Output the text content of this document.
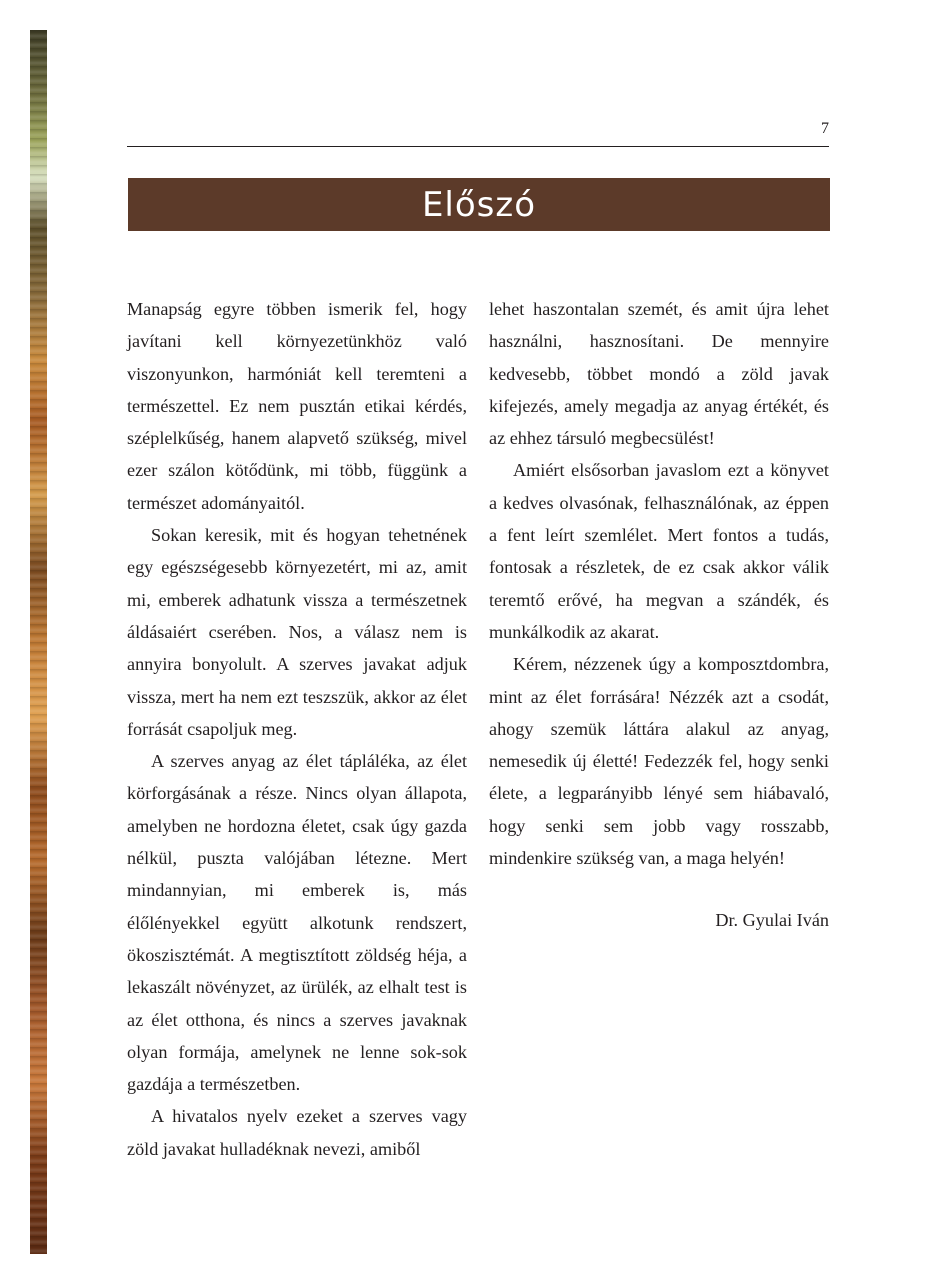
7
Előszó

Manapság egyre többen ismerik fel, hogy javítani kell környezetünkhöz való viszonyunkon, harmóniát kell teremteni a természettel. Ez nem pusztán etikai kérdés, széplelkűség, hanem alapvető szükség, mivel ezer szálon kötődünk, mi több, függünk a természet adományaitól.

Sokan keresik, mit és hogyan tehetnének egy egészségesebb környezetért, mi az, amit mi, emberek adhatunk vissza a természetnek áldásaiért cserében. Nos, a válasz nem is annyira bonyolult. A szerves javakat adjuk vissza, mert ha nem ezt teszszük, akkor az élet forrását csapoljuk meg.

A szerves anyag az élet tápláléka, az élet körforgásának a része. Nincs olyan állapota, amelyben ne hordozna életet, csak úgy gazda nélkül, puszta valójában létezne. Mert mindannyian, mi emberek is, más élőlényekkel együtt alkotunk rendszert, ökoszisztémát. A megtisztított zöldség héja, a lekaszált növényzet, az ürülék, az elhalt test is az élet otthona, és nincs a szerves javaknak olyan formája, amelynek ne lenne sok-sok gazdája a természetben.

A hivatalos nyelv ezeket a szerves vagy zöld javakat hulladéknak nevezi, amiből

lehet haszontalan szemét, és amit újra lehet használni, hasznosítani. De mennyire kedvesebb, többet mondó a zöld javak kifejezés, amely megadja az anyag értékét, és az ehhez társuló megbecsülést!

Amiért elsősorban javaslom ezt a könyvet a kedves olvasónak, felhasználónak, az éppen a fent leírt szemlélet. Mert fontos a tudás, fontosak a részletek, de ez csak akkor válik teremtő erővé, ha megvan a szándék, és munkálkodik az akarat.

Kérem, nézzenek úgy a komposztdombra, mint az élet forrására! Nézzék azt a csodát, ahogy szemük láttára alakul az anyag, nemesedik új életté! Fedezzék fel, hogy senki élete, a legparányibb lényé sem hiábavaló, hogy senki sem jobb vagy rosszabb, mindenkire szükség van, a maga helyén!

Dr. Gyulai Iván
